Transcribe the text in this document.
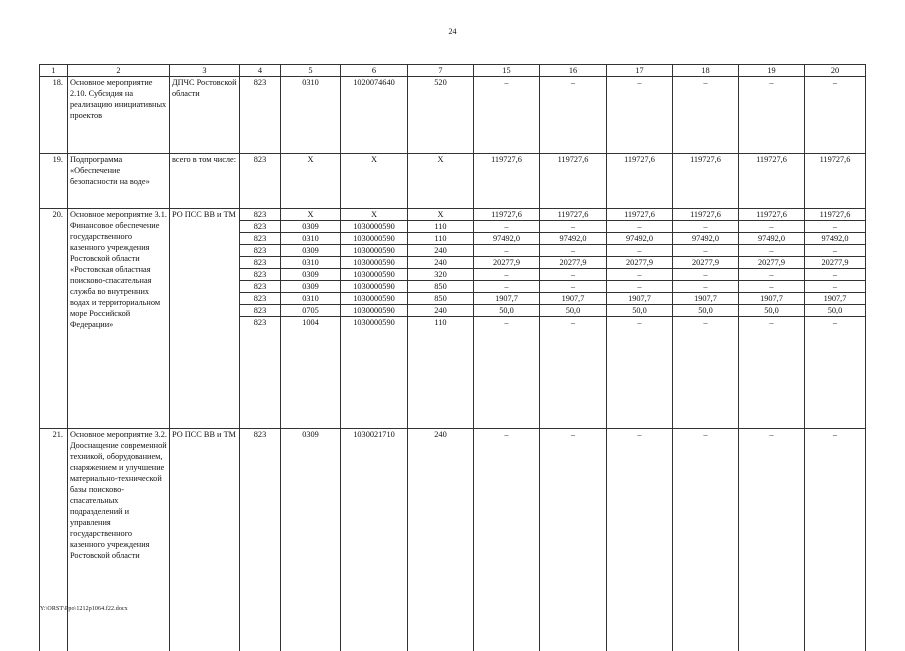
24
1	2	3	4	5	6	7	15	16	17	18	19	20
18.	Основное мероприятие 2.10. Субсидия на реализацию инициативных проектов	ДПЧС Ростовской области	823	0310	1020074640	520	–	–	–	–	–	–
19.	Подпрограмма «Обеспечение безопасности на воде»	всего в том числе:	823	Х	Х	Х	119727,6	119727,6	119727,6	119727,6	119727,6	119727,6
20.	Основное мероприятие 3.1. Финансовое обеспечение государственного казенного учреждения Ростовской области «Ростовская областная поисково-спасательная служба во внутренних водах и территориальном море Российской Федерации»	РО ПСС ВВ и ТМ	823	Х	Х	Х	119727,6	119727,6	119727,6	119727,6	119727,6	119727,6
			823	0309	1030000590	110	–	–	–	–	–	–
			823	0310	1030000590	110	97492,0	97492,0	97492,0	97492,0	97492,0	97492,0
			823	0309	1030000590	240	–	–	–	–	–	–
			823	0310	1030000590	240	20277,9	20277,9	20277,9	20277,9	20277,9	20277,9
			823	0309	1030000590	320	–	–	–	–	–	–
			823	0309	1030000590	850	–	–	–	–	–	–
			823	0310	1030000590	850	1907,7	1907,7	1907,7	1907,7	1907,7	1907,7
			823	0705	1030000590	240	50,0	50,0	50,0	50,0	50,0	50,0
			823	1004	1030000590	110	–	–	–	–	–	–
21.	Основное мероприятие 3.2. Дооснащение современной техникой, оборудованием, снаряжением и улучшение материально-технической базы поисково-спасательных подразделений и управления государственного казенного учреждения Ростовской области	РО ПСС ВВ и ТМ	823	0309	1030021710	240	–	–	–	–	–	–
Y:\ORST\Ppo\1212p1064.f22.docx
